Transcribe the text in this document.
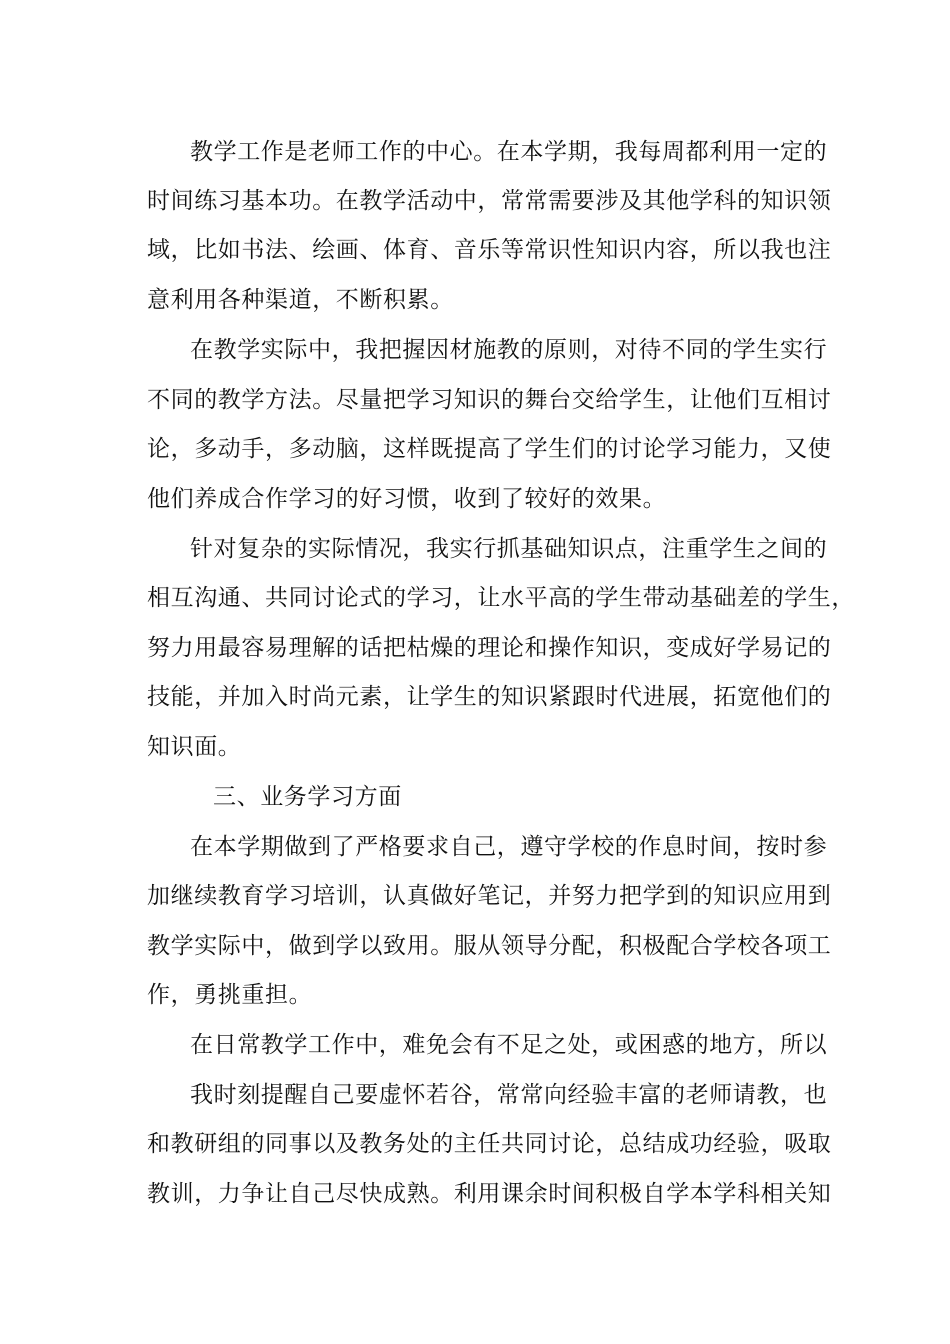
教学工作是老师工作的中心。在本学期，我每周都利用一定的
时间练习基本功。在教学活动中，常常需要涉及其他学科的知识领
域，比如书法、绘画、体育、音乐等常识性知识内容，所以我也注
意利用各种渠道，不断积累。
在教学实际中，我把握因材施教的原则，对待不同的学生实行
不同的教学方法。尽量把学习知识的舞台交给学生，让他们互相讨
论，多动手，多动脑，这样既提高了学生们的讨论学习能力，又使
他们养成合作学习的好习惯，收到了较好的效果。
针对复杂的实际情况，我实行抓基础知识点，注重学生之间的
相互沟通、共同讨论式的学习，让水平高的学生带动基础差的学生，
努力用最容易理解的话把枯燥的理论和操作知识，变成好学易记的
技能，并加入时尚元素，让学生的知识紧跟时代进展，拓宽他们的
知识面。
三、业务学习方面
在本学期做到了严格要求自己，遵守学校的作息时间，按时参
加继续教育学习培训，认真做好笔记，并努力把学到的知识应用到
教学实际中，做到学以致用。服从领导分配，积极配合学校各项工
作，勇挑重担。
在日常教学工作中，难免会有不足之处，或困惑的地方，所以
我时刻提醒自己要虚怀若谷，常常向经验丰富的老师请教，也
和教研组的同事以及教务处的主任共同讨论，总结成功经验，吸取
教训，力争让自己尽快成熟。利用课余时间积极自学本学科相关知
